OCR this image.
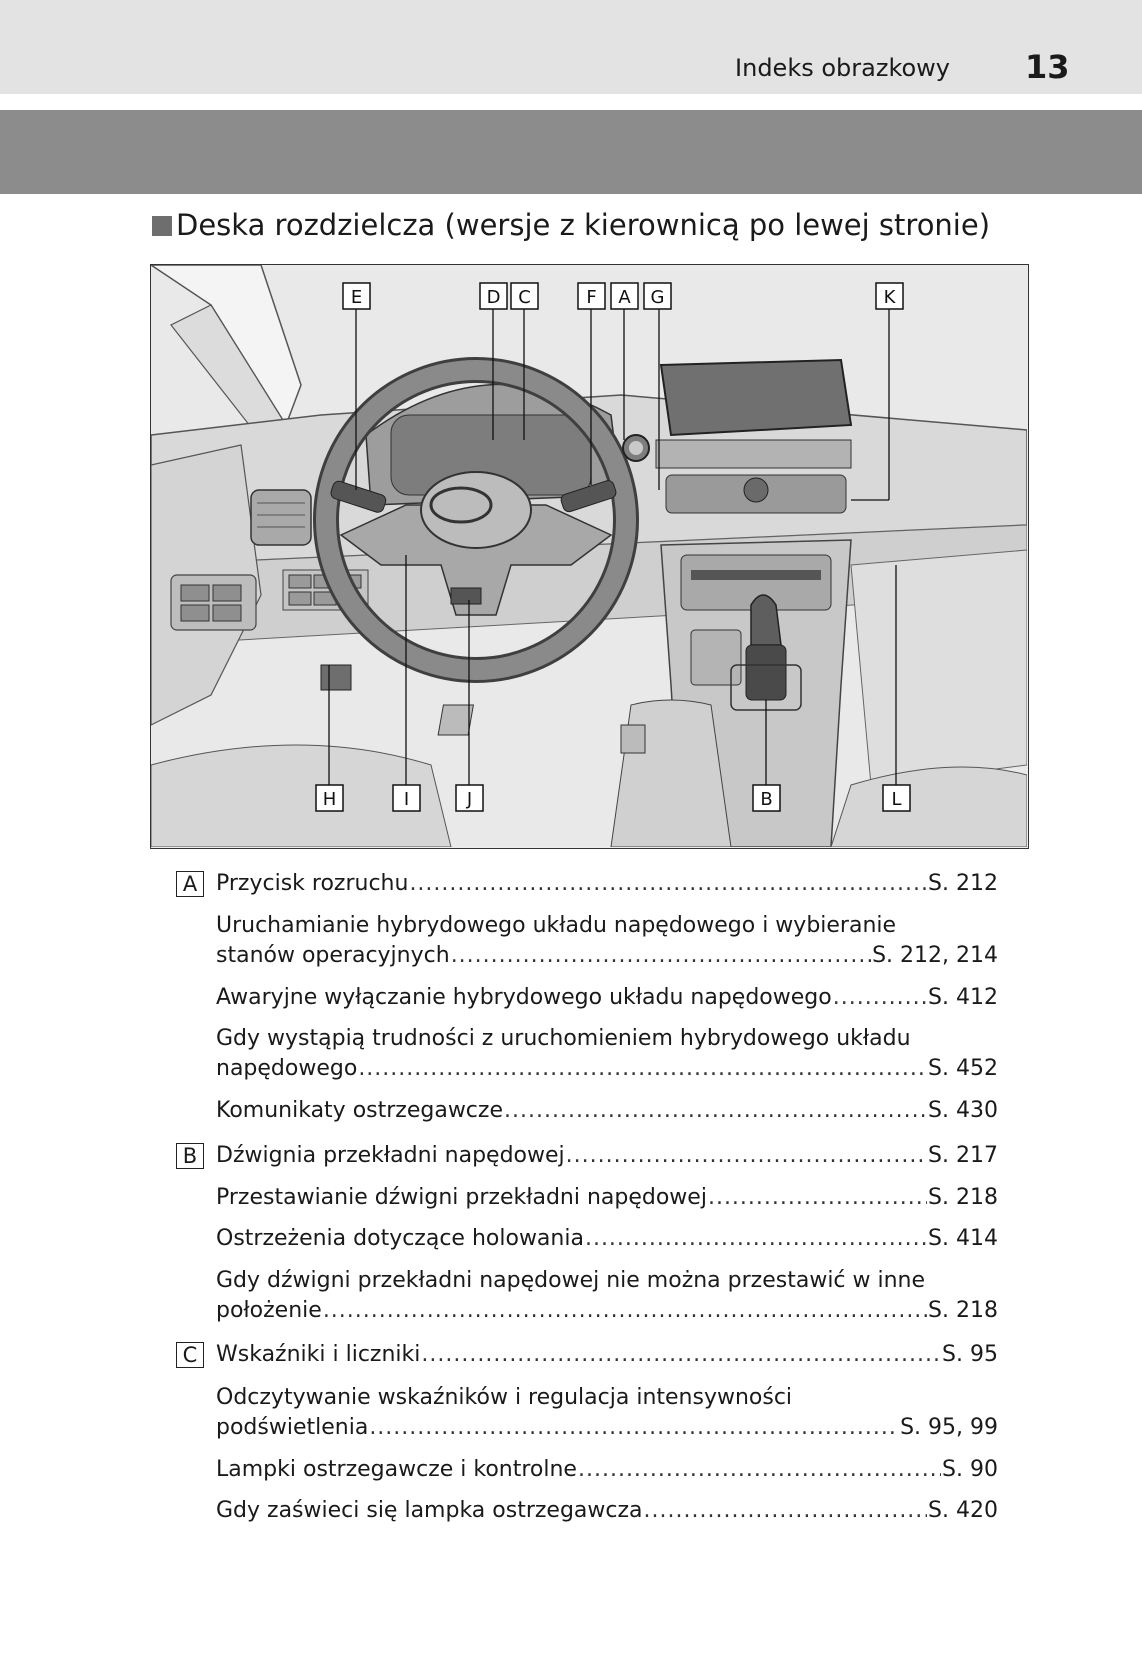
Indeks obrazkowy 13
Deska rozdzielcza (wersje z kierownicą po lewej stronie)
E	D C	F A G	K
H	I	J	B	L
A Przycisk rozruchu .....	S. 212
Uruchamianie hybrydowego układu napędowego i wybieranie
stanów operacyjnych .....	S. 212, 214
Awaryjne wyłączanie hybrydowego układu napędowego .....	S. 412
Gdy wystąpią trudności z uruchomieniem hybrydowego układu
napędowego .....	S. 452
Komunikaty ostrzegawcze .....	S. 430
B Dźwignia przekładni napędowej .....	S. 217
Przestawianie dźwigni przekładni napędowej .....	S. 218
Ostrzeżenia dotyczące holowania .....	S. 414
Gdy dźwigni przekładni napędowej nie można przestawić w inne
położenie .....	S. 218
C Wskaźniki i liczniki .....	S. 95
Odczytywanie wskaźników i regulacja intensywności
podświetlenia .....	S. 95, 99
Lampki ostrzegawcze i kontrolne .....	S. 90
Gdy zaświeci się lampka ostrzegawcza .....	S. 420
